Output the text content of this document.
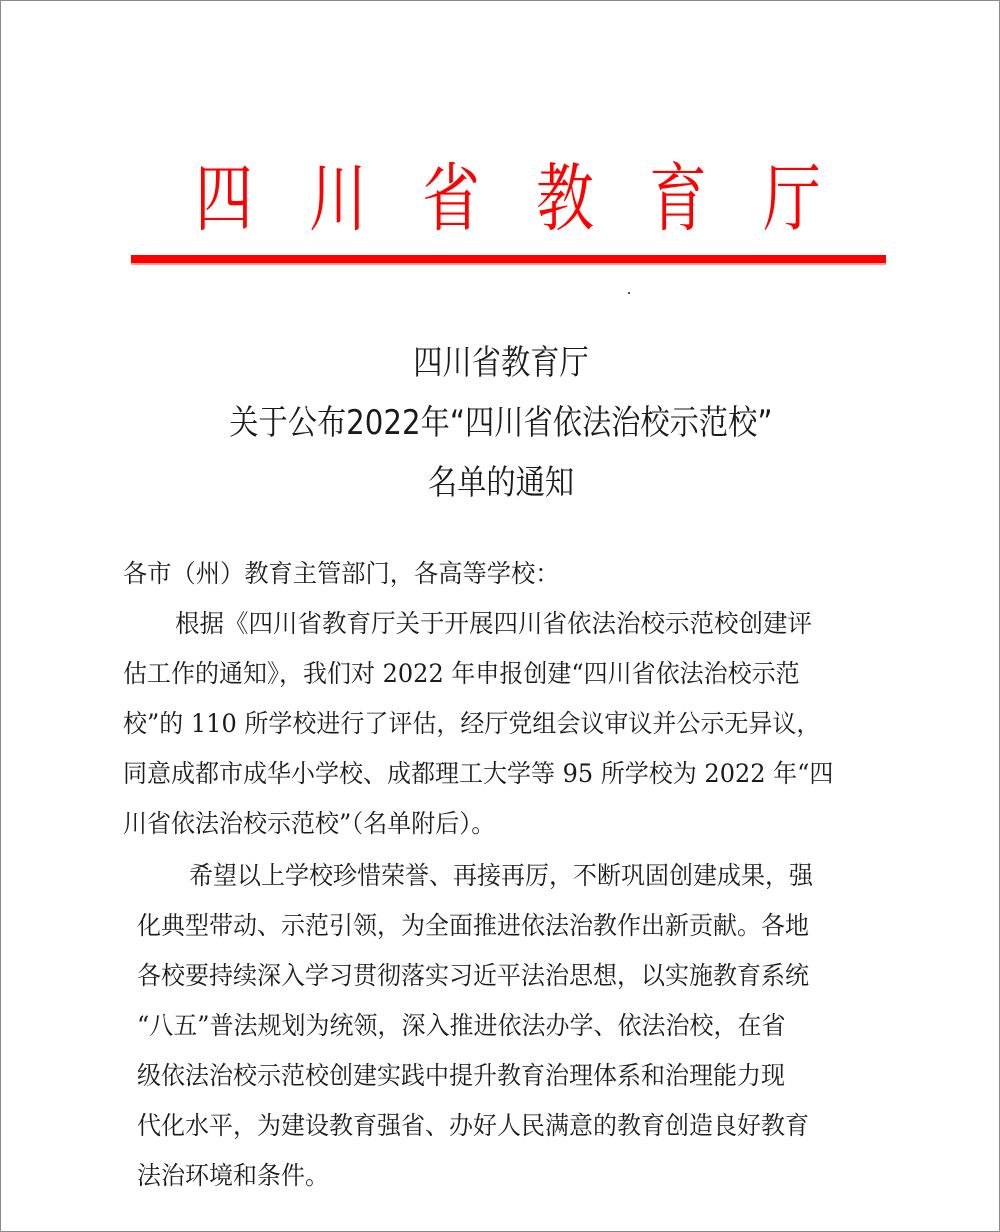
四 川 省 教 育 厅
四川省教育厅
关于公布2022年“四川省依法治校示范校”
名单的通知
各市（州）教育主管部门，各高等学校：
根据《四川省教育厅关于开展四川省依法治校示范校创建评
估工作的通知》，我们对 2022 年申报创建“四川省依法治校示范
校”的 110 所学校进行了评估，经厅党组会议审议并公示无异议，
同意成都市成华小学校、成都理工大学等 95 所学校为 2022 年“四
川省依法治校示范校”（名单附后）。
希望以上学校珍惜荣誉、再接再厉，不断巩固创建成果，强
化典型带动、示范引领，为全面推进依法治教作出新贡献。各地
各校要持续深入学习贯彻落实习近平法治思想，以实施教育系统
“八五”普法规划为统领，深入推进依法办学、依法治校，在省
级依法治校示范校创建实践中提升教育治理体系和治理能力现
代化水平，为建设教育强省、办好人民满意的教育创造良好教育
法治环境和条件。
